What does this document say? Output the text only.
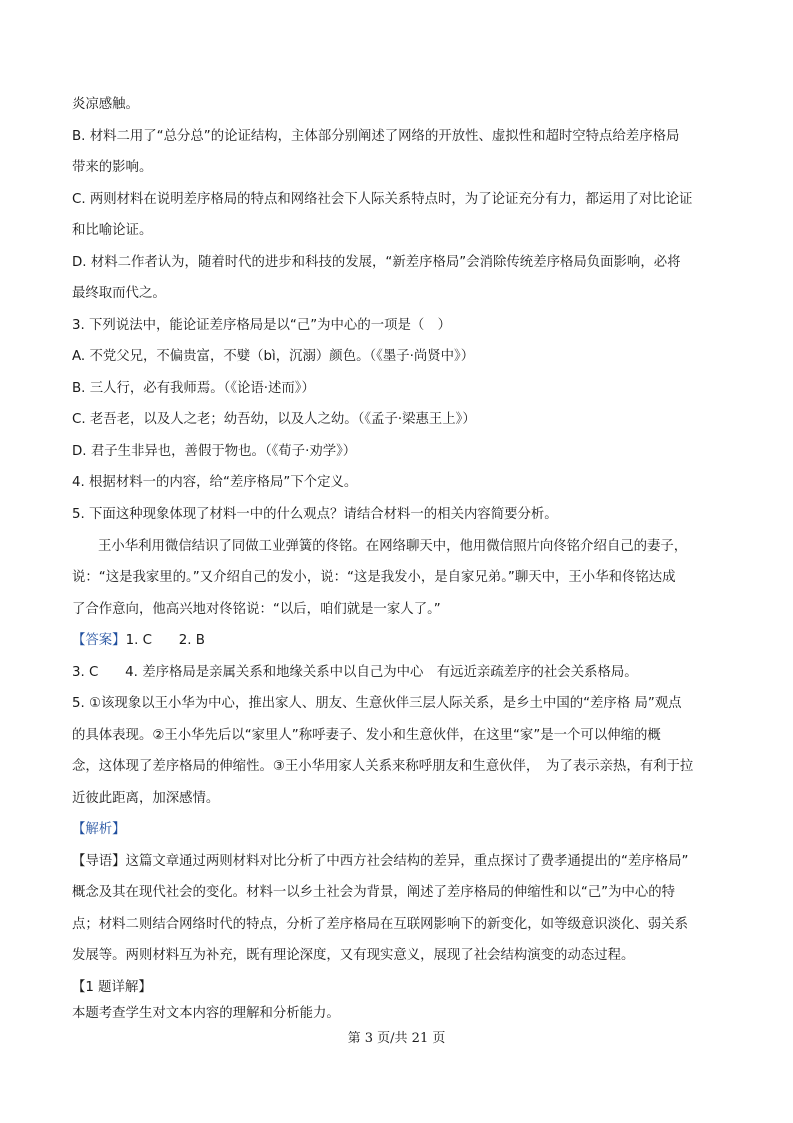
炎凉感触。
B. 材料二用了“总分总”的论证结构，主体部分别阐述了网络的开放性、虚拟性和超时空特点给差序格局
带来的影响。
C. 两则材料在说明差序格局的特点和网络社会下人际关系特点时，为了论证充分有力，都运用了对比论证
和比喻论证。
D. 材料二作者认为，随着时代的进步和科技的发展，“新差序格局”会消除传统差序格局负面影响，必将
最终取而代之。
3. 下列说法中，能论证差序格局是以“己”为中心的一项是（　）
A. 不党父兄，不偏贵富，不嬖（bì，沉溺）颜色。（《墨子·尚贤中》）
B. 三人行，必有我师焉。（《论语·述而》）
C. 老吾老，以及人之老；幼吾幼，以及人之幼。（《孟子·梁惠王上》）
D. 君子生非异也，善假于物也。（《荀子·劝学》）
4. 根据材料一的内容，给“差序格局”下个定义。
5. 下面这种现象体现了材料一中的什么观点？请结合材料一的相关内容简要分析。
王小华利用微信结识了同做工业弹簧的佟铭。在网络聊天中，他用微信照片向佟铭介绍自己的妻子，
说：“这是我家里的。”又介绍自己的发小，说：“这是我发小，是自家兄弟。”聊天中，王小华和佟铭达成
了合作意向，他高兴地对佟铭说：“以后，咱们就是一家人了。”
【答案】1. C　　2. B
3. C　　4. 差序格局是亲属关系和地缘关系中以自己为中心　有远近亲疏差序的社会关系格局。
5. ①该现象以王小华为中心，推出家人、朋友、生意伙伴三层人际关系，是乡土中国的“差序格 局”观点
的具体表现。②王小华先后以“家里人”称呼妻子、发小和生意伙伴，在这里“家”是一个可以伸缩的概
念，这体现了差序格局的伸缩性。③王小华用家人关系来称呼朋友和生意伙伴，　为了表示亲热，有利于拉
近彼此距离，加深感情。
【解析】
【导语】这篇文章通过两则材料对比分析了中西方社会结构的差异，重点探讨了费孝通提出的“差序格局”
概念及其在现代社会的变化。材料一以乡土社会为背景，阐述了差序格局的伸缩性和以“己”为中心的特
点；材料二则结合网络时代的特点，分析了差序格局在互联网影响下的新变化，如等级意识淡化、弱关系
发展等。两则材料互为补充，既有理论深度，又有现实意义，展现了社会结构演变的动态过程。
【1 题详解】
本题考查学生对文本内容的理解和分析能力。
第 3 页/共 21 页
